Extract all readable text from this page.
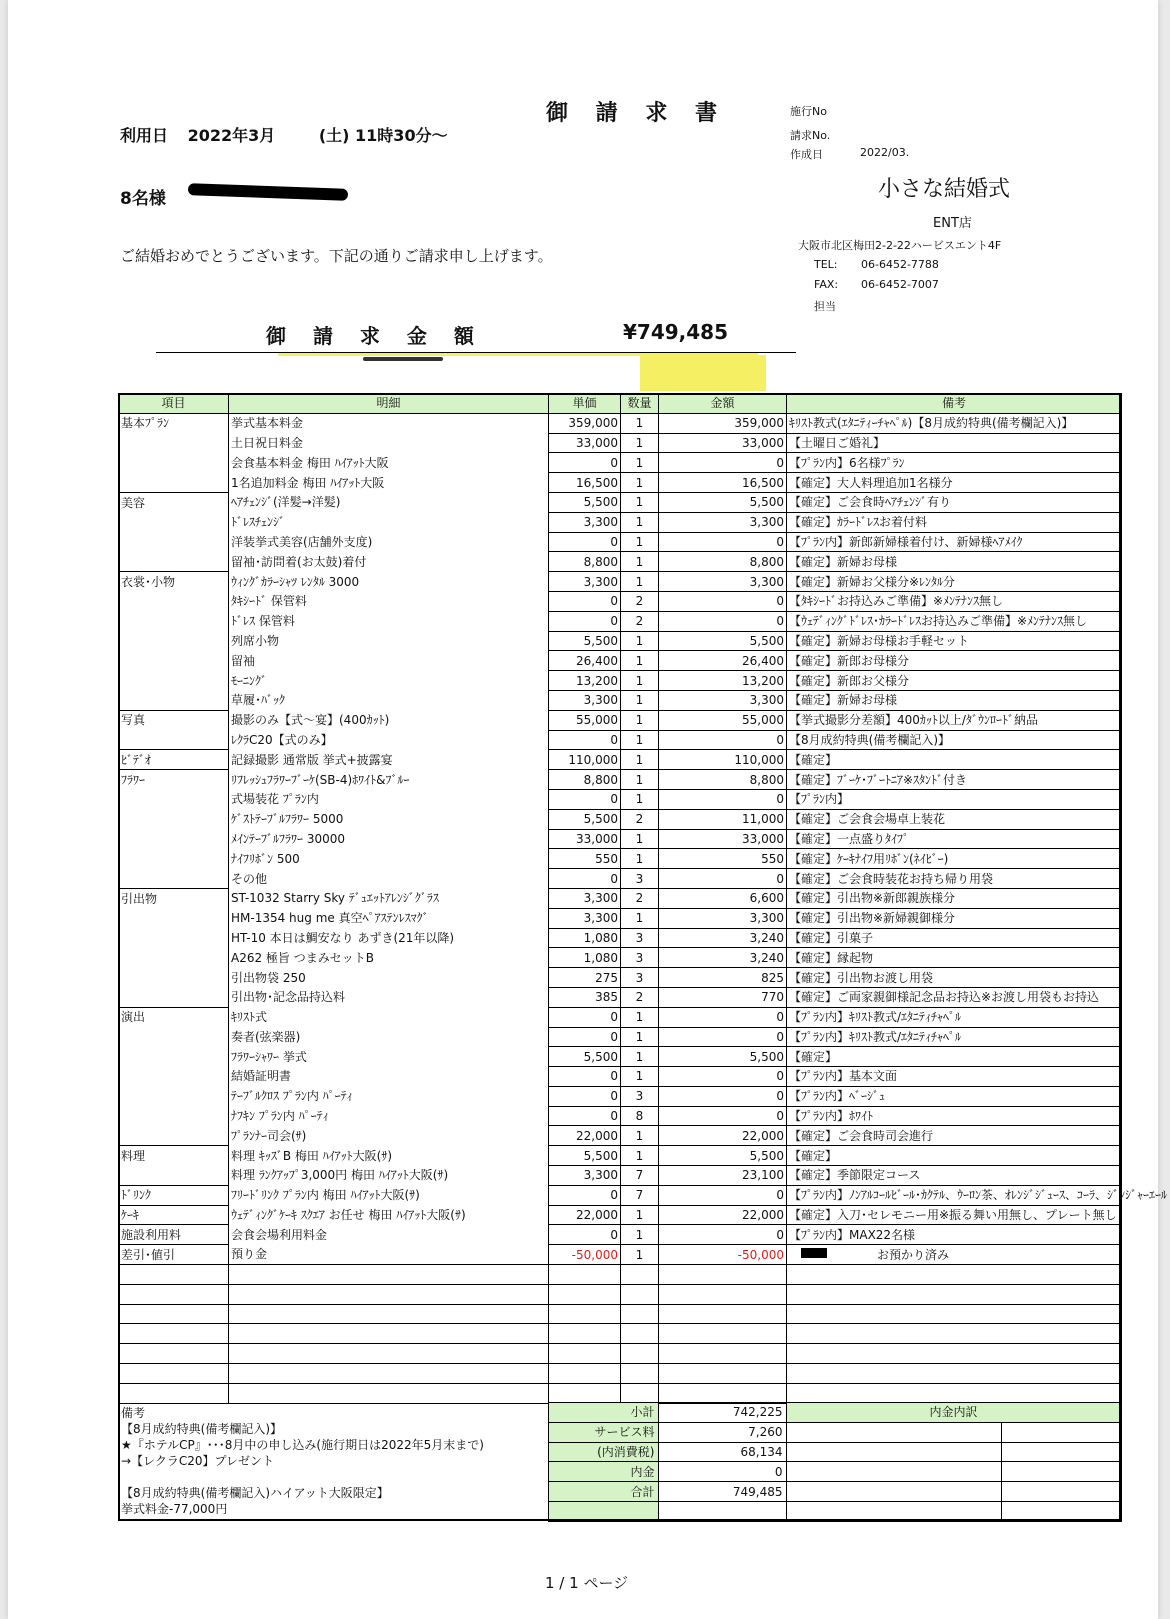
御 請 求 書
利用日 2022年3月	(土) 11時30分～
施行No
請求No.
作成日	2022/03.
小さな結婚式
ENT店
大阪市北区梅田2-2-22ハービスエント4F
TEL: 06-6452-7788
FAX: 06-6452-7007
担当
8名様
ご結婚おめでとうございます。下記の通りご請求申し上げます。
御 請 求 金 額	¥749,485
項目	明細	単価	数量	金額	備考
基本ﾌﾟﾗﾝ	挙式基本料金	359,000	1	359,000	ｷﾘｽﾄ教式(ｴﾀﾆﾃｨｰﾁｬﾍﾟﾙ)【8月成約特典(備考欄記入)】
	土日祝日料金	33,000	1	33,000	【土曜日ご婚礼】
	会食基本料金 梅田 ﾊｲｱｯﾄ大阪	0	1	0	【ﾌﾟﾗﾝ内】6名様ﾌﾟﾗﾝ
	1名追加料金 梅田 ﾊｲｱｯﾄ大阪	16,500	1	16,500	【確定】大人料理追加1名様分
美容	ﾍｱﾁｪﾝｼﾞ(洋髪→洋髪)	5,500	1	5,500	【確定】ご会食時ﾍｱﾁｪﾝｼﾞ有り
	ﾄﾞﾚｽﾁｪﾝｼﾞ	3,300	1	3,300	【確定】ｶﾗｰﾄﾞﾚｽお着付料
	洋装挙式美容(店舗外支度)	0	1	0	【ﾌﾟﾗﾝ内】新郎新婦様着付け、新婦様ﾍｱﾒｲｸ
	留袖･訪問着(お太鼓)着付	8,800	1	8,800	【確定】新婦お母様
衣裳･小物	ｳｨﾝｸﾞｶﾗｰｼｬﾂ ﾚﾝﾀﾙ 3000	3,300	1	3,300	【確定】新婦お父様分※ﾚﾝﾀﾙ分
	ﾀｷｼｰﾄﾞ 保管料	0	2	0	【ﾀｷｼｰﾄﾞお持込みご準備】※ﾒﾝﾃﾅﾝｽ無し
	ﾄﾞﾚｽ 保管料	0	2	0	【ｳｪﾃﾞｨﾝｸﾞﾄﾞﾚｽ･ｶﾗｰﾄﾞﾚｽお持込みご準備】※ﾒﾝﾃﾅﾝｽ無し
	列席小物	5,500	1	5,500	【確定】新婦お母様お手軽セット
	留袖	26,400	1	26,400	【確定】新郎お母様分
	ﾓｰﾆﾝｸﾞ	13,200	1	13,200	【確定】新郎お父様分
	草履･ﾊﾞｯｸ	3,300	1	3,300	【確定】新婦お母様
写真	撮影のみ【式～宴】(400ｶｯﾄ)	55,000	1	55,000	【挙式撮影分差額】400ｶｯﾄ以上/ﾀﾞｳﾝﾛｰﾄﾞ納品
	ﾚｸﾗC20【式のみ】	0	1	0	【8月成約特典(備考欄記入)】
ﾋﾞﾃﾞｵ	記録撮影 通常版 挙式+披露宴	110,000	1	110,000	【確定】
ﾌﾗﾜｰ	ﾘﾌﾚｯｼｭﾌﾗﾜｰﾌﾞｰｹ(SB-4)ﾎﾜｲﾄ&ﾌﾞﾙｰ	8,800	1	8,800	【確定】ﾌﾞｰｹ･ﾌﾞｰﾄﾆｱ※ｽﾀﾝﾄﾞ付き
	式場装花 ﾌﾟﾗﾝ内	0	1	0	【ﾌﾟﾗﾝ内】
	ｹﾞｽﾄﾃｰﾌﾞﾙﾌﾗﾜｰ 5000	5,500	2	11,000	【確定】ご会食会場卓上装花
	ﾒｲﾝﾃｰﾌﾞﾙﾌﾗﾜｰ 30000	33,000	1	33,000	【確定】一点盛りﾀｲﾌﾟ
	ﾅｲﾌﾘﾎﾞﾝ 500	550	1	550	【確定】ｹｰｷﾅｲﾌ用ﾘﾎﾞﾝ(ﾈｲﾋﾞｰ)
	その他	0	3	0	【確定】ご会食時装花お持ち帰り用袋
引出物	ST-1032 Starry Sky ﾃﾞｭｴｯﾄｱﾚﾝｼﾞｸﾞﾗｽ	3,300	2	6,600	【確定】引出物※新郎親族様分
	HM-1354 hug me 真空ﾍﾟｱｽﾃﾝﾚｽﾏｸﾞ	3,300	1	3,300	【確定】引出物※新婦親御様分
	HT-10 本日は鯛安なり あずき(21年以降)	1,080	3	3,240	【確定】引菓子
	A262 極旨 つまみセットB	1,080	3	3,240	【確定】縁起物
	引出物袋 250	275	3	825	【確定】引出物お渡し用袋
	引出物･記念品持込料	385	2	770	【確定】ご両家親御様記念品お持込※お渡し用袋もお持込
演出	ｷﾘｽﾄ式	0	1	0	【ﾌﾟﾗﾝ内】ｷﾘｽﾄ教式/ｴﾀﾆﾃｨﾁｬﾍﾟﾙ
	奏者(弦楽器)	0	1	0	【ﾌﾟﾗﾝ内】ｷﾘｽﾄ教式/ｴﾀﾆﾃｨﾁｬﾍﾟﾙ
	ﾌﾗﾜｰｼｬﾜｰ 挙式	5,500	1	5,500	【確定】
	結婚証明書	0	1	0	【ﾌﾟﾗﾝ内】基本文面
	ﾃｰﾌﾞﾙｸﾛｽ ﾌﾟﾗﾝ内 ﾊﾟｰﾃｨ	0	3	0	【ﾌﾟﾗﾝ内】ﾍﾞｰｼﾞｭ
	ﾅﾌｷﾝ ﾌﾟﾗﾝ内 ﾊﾟｰﾃｨ	0	8	0	【ﾌﾟﾗﾝ内】ﾎﾜｲﾄ
	ﾌﾟﾗﾝﾅｰ司会(ｻ)	22,000	1	22,000	【確定】ご会食時司会進行
料理	料理 ｷｯｽﾞB 梅田 ﾊｲｱｯﾄ大阪(ｻ)	5,500	1	5,500	【確定】
	料理 ﾗﾝｸｱｯﾌﾟ3,000円 梅田 ﾊｲｱｯﾄ大阪(ｻ)	3,300	7	23,100	【確定】季節限定コース
ﾄﾞﾘﾝｸ	ﾌﾘｰﾄﾞﾘﾝｸ ﾌﾟﾗﾝ内 梅田 ﾊｲｱｯﾄ大阪(ｻ)	0	7	0	【ﾌﾟﾗﾝ内】ﾉﾝｱﾙｺｰﾙﾋﾞｰﾙ･ｶｸﾃﾙ、ｳｰﾛﾝ茶、ｵﾚﾝｼﾞｼﾞｭｰｽ、ｺｰﾗ、ｼﾞﾝｼﾞｬｰｴｰﾙ
ｹｰｷ	ｳｪﾃﾞｨﾝｸﾞｹｰｷ ｽｸｴｱ お任せ 梅田 ﾊｲｱｯﾄ大阪(ｻ)	22,000	1	22,000	【確定】入刀･セレモニー用※振る舞い用無し、プレート無し
施設利用料	会食会場利用料金	0	1	0	【ﾌﾟﾗﾝ内】MAX22名様
差引･値引	預り金	-50,000	1	-50,000	お預かり済み

備考
【8月成約特典(備考欄記入)】
★『ホテルCP』･･･8月中の申し込み(施行期日は2022年5月末まで)
→【レクラC20】プレゼント

【8月成約特典(備考欄記入)ハイアット大阪限定】
挙式料金-77,000円
	小計	742,225	内金内訳	
	サービス料	7,260		
	(内消費税)	68,134		
	内金	0		
	合計	749,485		

1 / 1 ページ
